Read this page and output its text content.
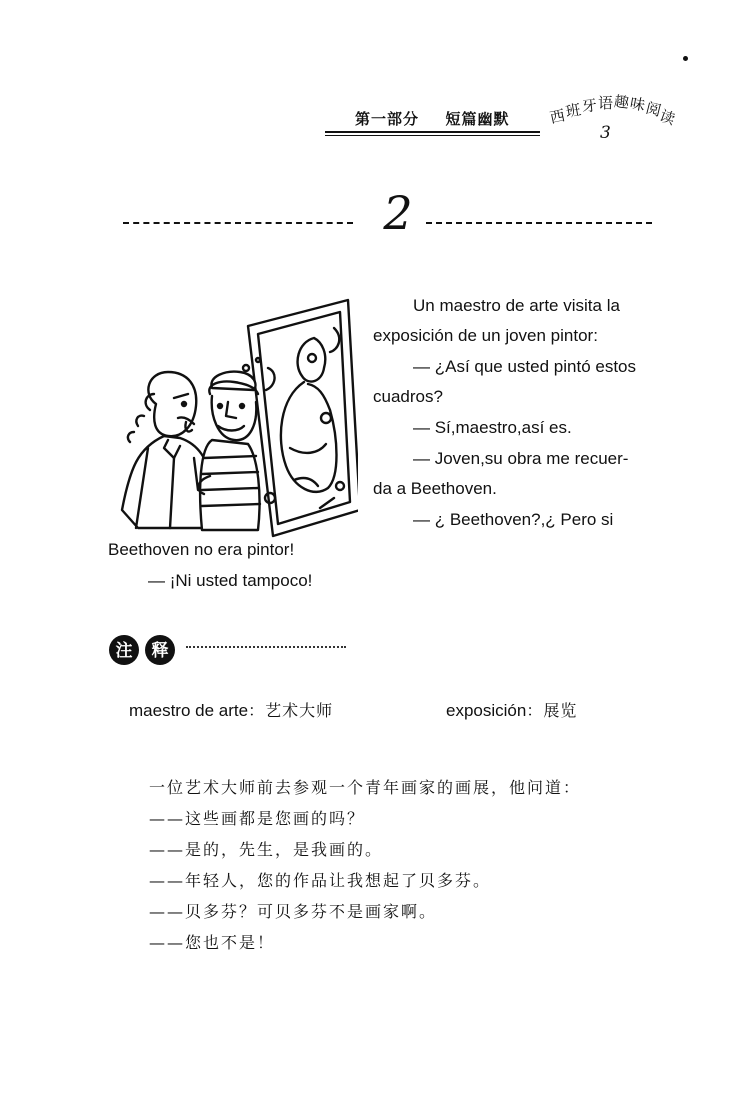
第一部分 短篇幽默	西
班
牙 语 趣
味
阅
读
3
2
Un maestro de arte visita la
exposición de un joven pintor:
— ¿Así que usted pintó estos
cuadros?
— Sí,maestro,así es.
— Joven,su obra me recuer-
da a Beethoven.
— ¿ Beethoven?,¿ Pero si
Beethoven no era pintor!
— ¡Ni usted tampoco!
注 释
maestro de arte：艺术大师	exposición：展览
一位艺术大师前去参观一个青年画家的画展，他问道：
——这些画都是您画的吗？
——是的，先生，是我画的。
——年轻人，您的作品让我想起了贝多芬。
——贝多芬？可贝多芬不是画家啊。
——您也不是！
